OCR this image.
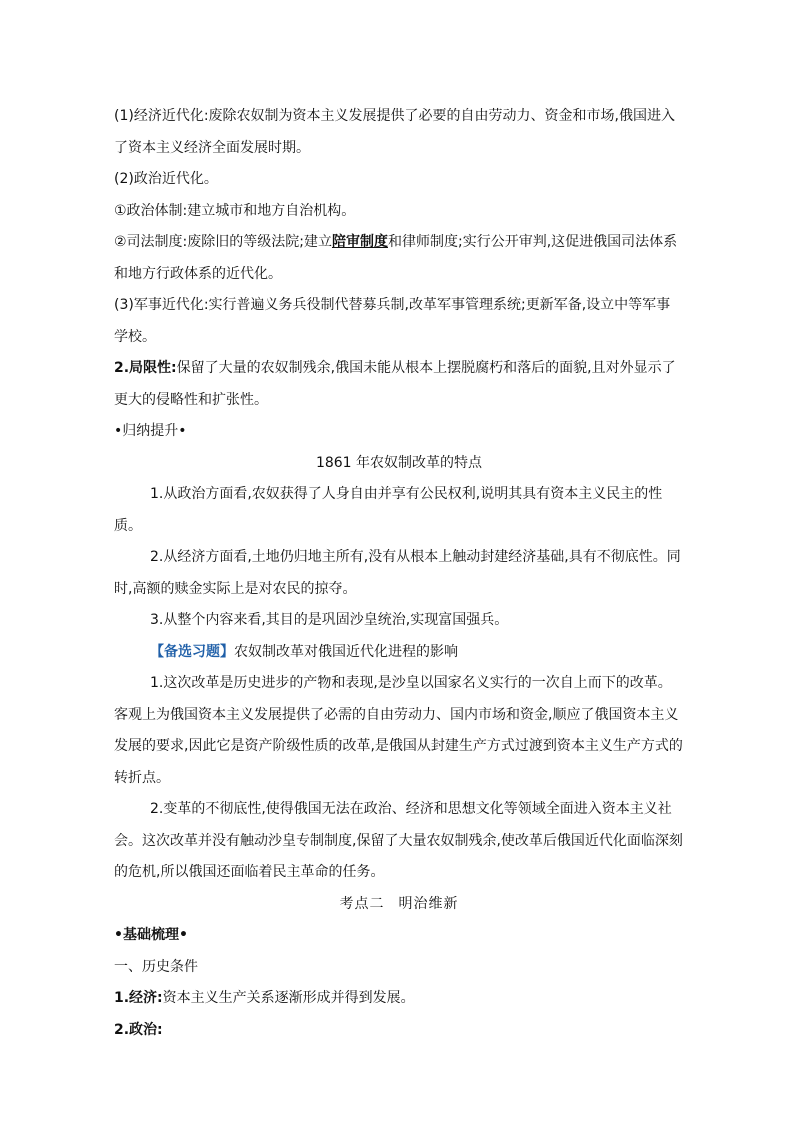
(1)经济近代化:废除农奴制为资本主义发展提供了必要的自由劳动力、资金和市场,俄国进入了资本主义经济全面发展时期。

(2)政治近代化。

①政治体制:建立城市和地方自治机构。

②司法制度:废除旧的等级法院;建立陪审制度和律师制度;实行公开审判,这促进俄国司法体系和地方行政体系的近代化。

(3)军事近代化:实行普遍义务兵役制代替募兵制,改革军事管理系统;更新军备,设立中等军事学校。

2.局限性:保留了大量的农奴制残余,俄国未能从根本上摆脱腐朽和落后的面貌,且对外显示了更大的侵略性和扩张性。

•归纳提升•

1861 年农奴制改革的特点

1.从政治方面看,农奴获得了人身自由并享有公民权利,说明其具有资本主义民主的性质。

2.从经济方面看,土地仍归地主所有,没有从根本上触动封建经济基础,具有不彻底性。同时,高额的赎金实际上是对农民的掠夺。

3.从整个内容来看,其目的是巩固沙皇统治,实现富国强兵。

【备选习题】农奴制改革对俄国近代化进程的影响

1.这次改革是历史进步的产物和表现,是沙皇以国家名义实行的一次自上而下的改革。客观上为俄国资本主义发展提供了必需的自由劳动力、国内市场和资金,顺应了俄国资本主义发展的要求,因此它是资产阶级性质的改革,是俄国从封建生产方式过渡到资本主义生产方式的转折点。

2.变革的不彻底性,使得俄国无法在政治、经济和思想文化等领域全面进入资本主义社会。这次改革并没有触动沙皇专制制度,保留了大量农奴制残余,使改革后俄国近代化面临深刻的危机,所以俄国还面临着民主革命的任务。

考点二 明治维新

•基础梳理•

一、历史条件

1.经济:资本主义生产关系逐渐形成并得到发展。

2.政治:
